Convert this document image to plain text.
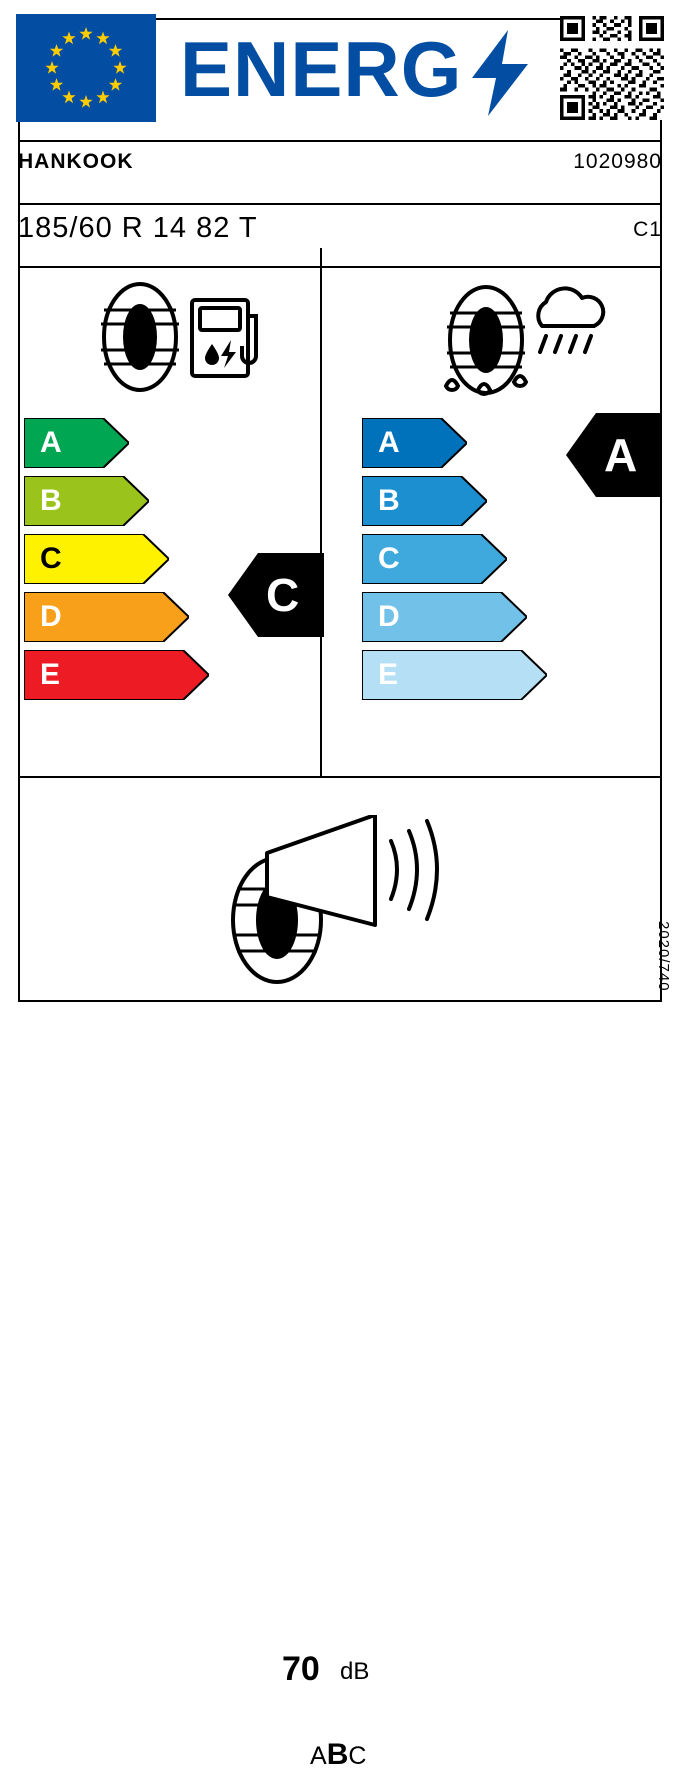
ENERG
HANKOOK	1020980
185/60 R 14 82 T	C1
A
B
C
D
E
C
A
B
C
D
E
A
70 dB
ABC
2020/740
